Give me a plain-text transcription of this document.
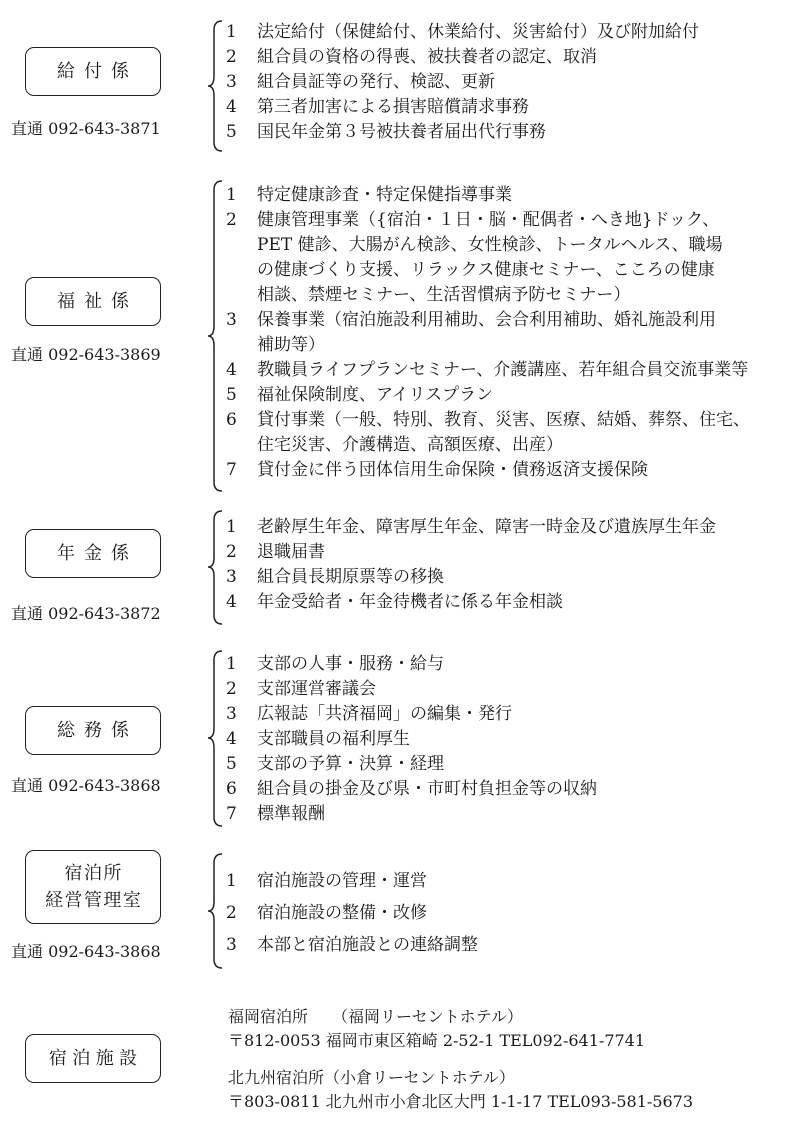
給付係
直通 092-643-3871
1 法定給付（保健給付、休業給付、災害給付）及び附加給付
2 組合員の資格の得喪、被扶養者の認定、取消
3 組合員証等の発行、検認、更新
4 第三者加害による損害賠償請求事務
5 国民年金第３号被扶養者届出代行事務
福祉係
直通 092-643-3869
1 特定健康診査・特定保健指導事業
2 健康管理事業（{宿泊・１日・脳・配偶者・へき地}ドック、
PET 健診、大腸がん検診、女性検診、トータルヘルス、職場
の健康づくり支援、リラックス健康セミナー、こころの健康
相談、禁煙セミナー、生活習慣病予防セミナー）
3 保養事業（宿泊施設利用補助、会合利用補助、婚礼施設利用
補助等）
4 教職員ライフプランセミナー、介護講座、若年組合員交流事業等
5 福祉保険制度、アイリスプラン
6 貸付事業（一般、特別、教育、災害、医療、結婚、葬祭、住宅、
住宅災害、介護構造、高額医療、出産）
7 貸付金に伴う団体信用生命保険・債務返済支援保険
年金係
直通 092-643-3872
1 老齢厚生年金、障害厚生年金、障害一時金及び遺族厚生年金
2 退職届書
3 組合員長期原票等の移換
4 年金受給者・年金待機者に係る年金相談
総務係
直通 092-643-3868
1 支部の人事・服務・給与
2 支部運営審議会
3 広報誌「共済福岡」の編集・発行
4 支部職員の福利厚生
5 支部の予算・決算・経理
6 組合員の掛金及び県・市町村負担金等の収納
7 標準報酬
宿泊所
経営管理室
直通 092-643-3868
1 宿泊施設の管理・運営
2 宿泊施設の整備・改修
3 本部と宿泊施設との連絡調整
宿泊施設
福岡宿泊所　　（福岡リーセントホテル）
〒812-0053 福岡市東区箱崎 2-52-1 TEL092-641-7741
北九州宿泊所（小倉リーセントホテル）
〒803-0811 北九州市小倉北区大門 1-1-17 TEL093-581-5673
